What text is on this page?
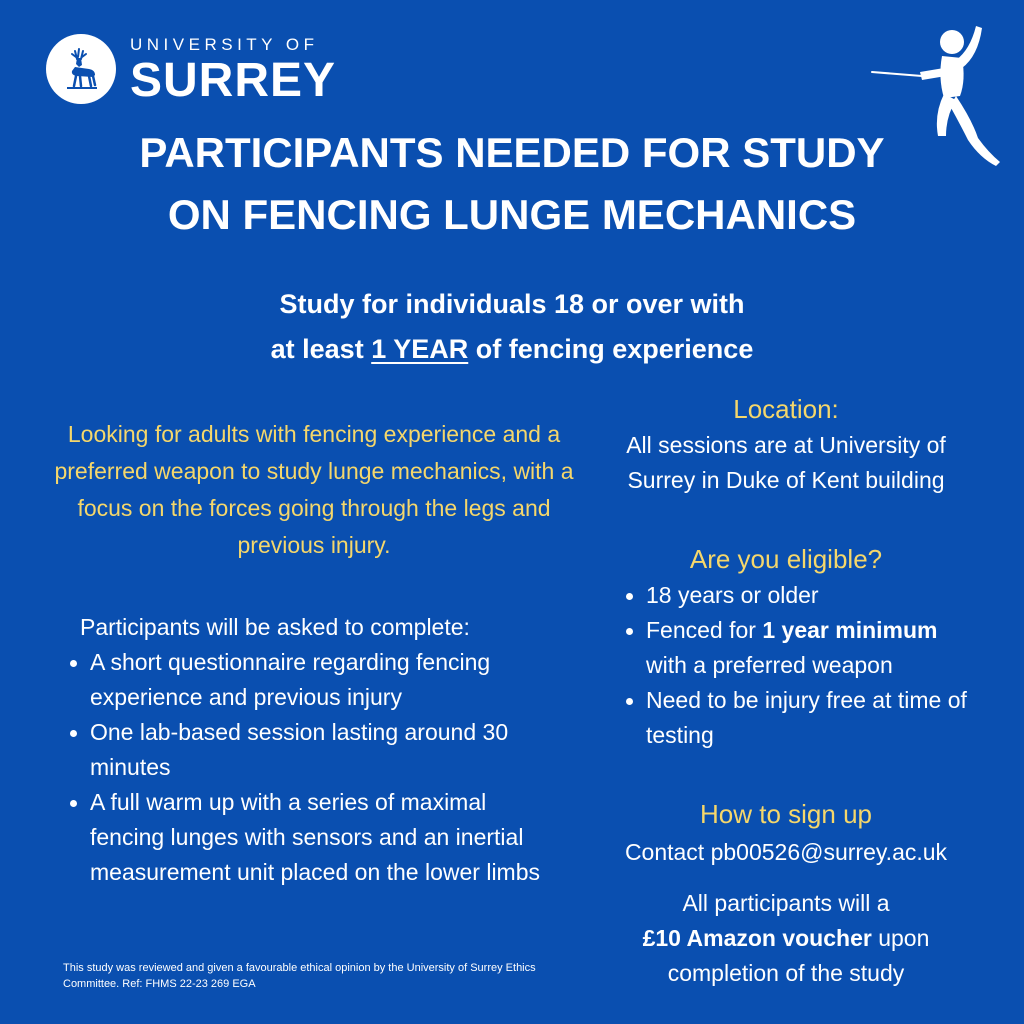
UNIVERSITY OF
SURREY
PARTICIPANTS NEEDED FOR STUDY
ON FENCING LUNGE MECHANICS
Study for individuals 18 or over with
at least 1 YEAR of fencing experience
Looking for adults with fencing experience and a preferred weapon to study lunge mechanics, with a focus on the forces going through the legs and previous injury.
Participants will be asked to complete:
A short questionnaire regarding fencing experience and previous injury
One lab-based session lasting around 30 minutes
A full warm up with a series of maximal fencing lunges with sensors and an inertial measurement unit placed on the lower limbs
This study was reviewed and given a favourable ethical opinion by the University of Surrey Ethics Committee. Ref: FHMS 22-23 269 EGA
Location:
All sessions are at University of Surrey in Duke of Kent building
Are you eligible?
18 years or older
Fenced for 1 year minimum with a preferred weapon
Need to be injury free at time of testing
How to sign up
Contact pb00526@surrey.ac.uk
All participants will a
£10 Amazon voucher upon completion of the study
